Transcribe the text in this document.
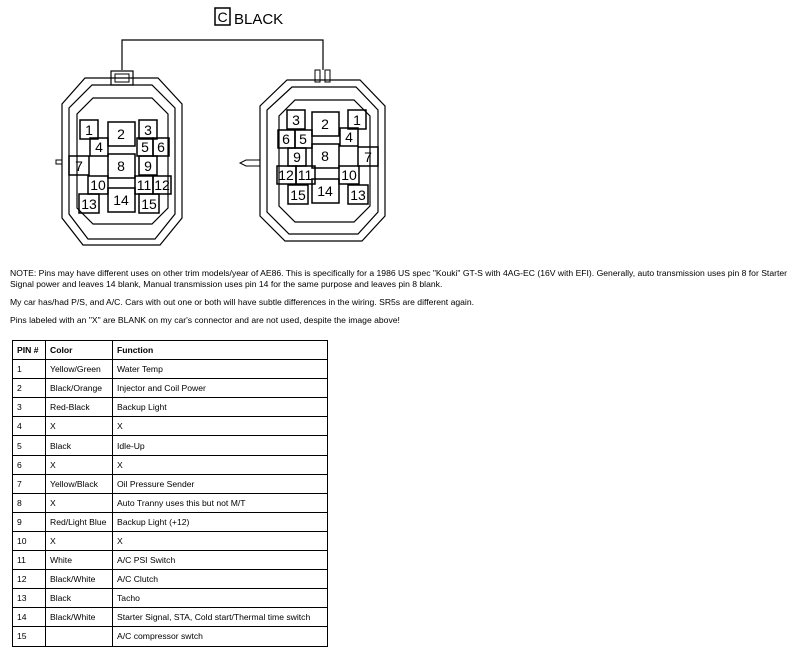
C BLACK
1 2 3
4	5 6
7 8 9
10 11 12
13 14 15
3 2 1
6 5	4
9 8	7
12 11 10
15 14 13

NOTE: Pins may have different uses on other trim models/year of AE86. This is specifically for a 1986 US spec "Kouki" GT-S with 4AG-EC (16V with EFI). Generally, auto transmission uses pin 8 for Starter Signal power and leaves 14 blank, Manual transmission uses pin 14 for the same purpose and leaves pin 8 blank.

My car has/had P/S, and A/C. Cars with out one or both will have subtle differences in the wiring. SR5s are different again.

Pins labeled with an "X" are BLANK on my car's connector and are not used, despite the image above!

PIN #	Color	Function
1	Yellow/Green	Water Temp
2	Black/Orange	Injector and Coil Power
3	Red-Black	Backup Light
4	X	X
5	Black	Idle-Up
6	X	X
7	Yellow/Black	Oil Pressure Sender
8	X	Auto Tranny uses this but not M/T
9	Red/Light Blue	Backup Light (+12)
10	X	X
11	White	A/C PSI Switch
12	Black/White	A/C Clutch
13	Black	Tacho
14	Black/White	Starter Signal, STA, Cold start/Thermal time switch
15		A/C compressor swtch
